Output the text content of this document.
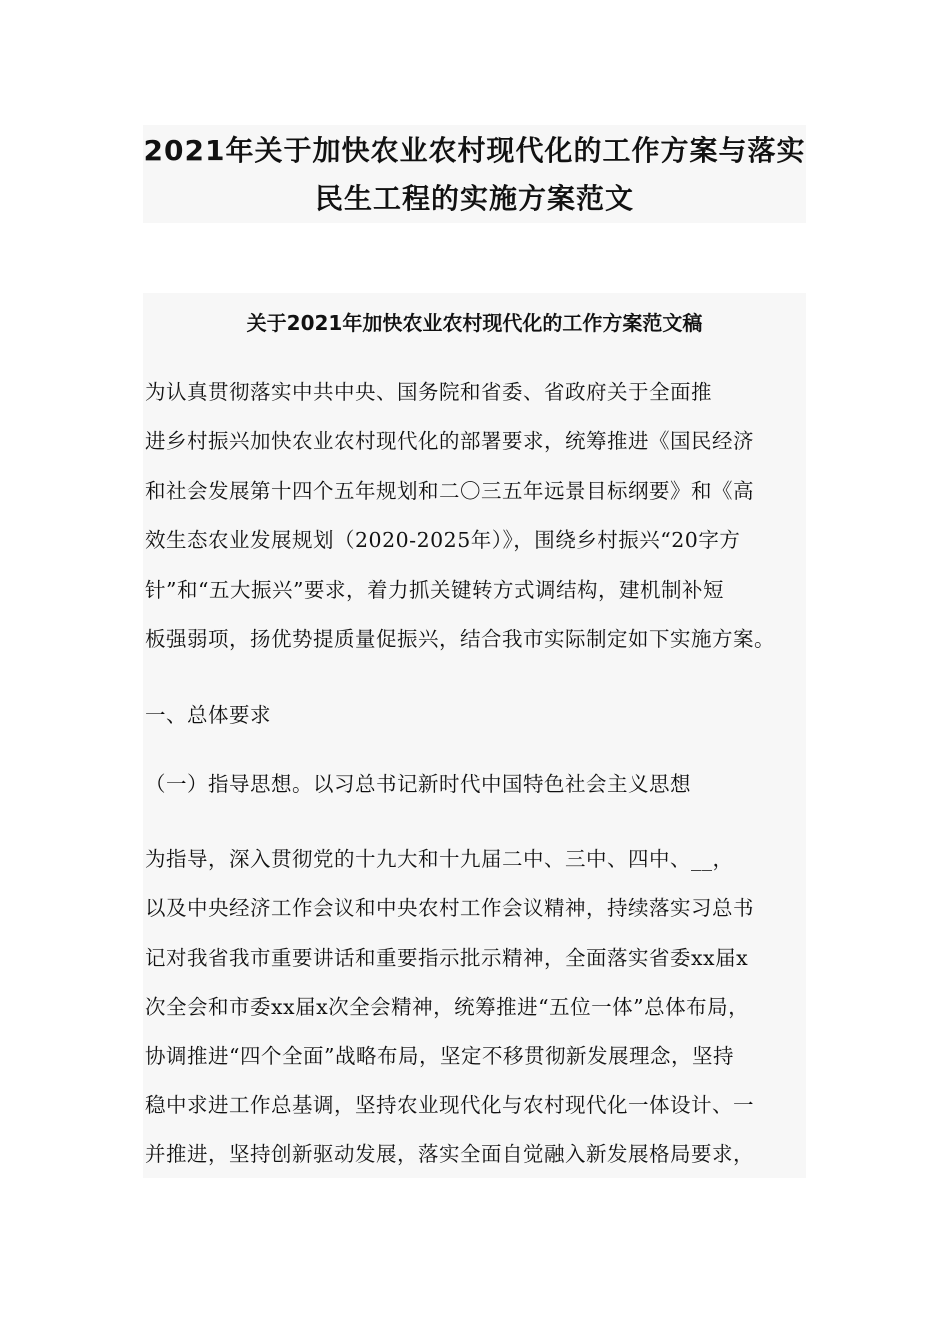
2021年关于加快农业农村现代化的工作方案与落实
民生工程的实施方案范文
关于2021年加快农业农村现代化的工作方案范文稿
为认真贯彻落实中共中央、国务院和省委、省政府关于全面推
进乡村振兴加快农业农村现代化的部署要求，统筹推进《国民经济
和社会发展第十四个五年规划和二〇三五年远景目标纲要》和《高
效生态农业发展规划（2020-2025年）》，围绕乡村振兴“20字方
针”和“五大振兴”要求，着力抓关键转方式调结构，建机制补短
板强弱项，扬优势提质量促振兴，结合我市实际制定如下实施方案。
一、总体要求
（一）指导思想。以习总书记新时代中国特色社会主义思想
为指导，深入贯彻党的十九大和十九届二中、三中、四中、__，
以及中央经济工作会议和中央农村工作会议精神，持续落实习总书
记对我省我市重要讲话和重要指示批示精神，全面落实省委xx届x
次全会和市委xx届x次全会精神，统筹推进“五位一体”总体布局，
协调推进“四个全面”战略布局，坚定不移贯彻新发展理念，坚持
稳中求进工作总基调，坚持农业现代化与农村现代化一体设计、一
并推进，坚持创新驱动发展，落实全面自觉融入新发展格局要求，
